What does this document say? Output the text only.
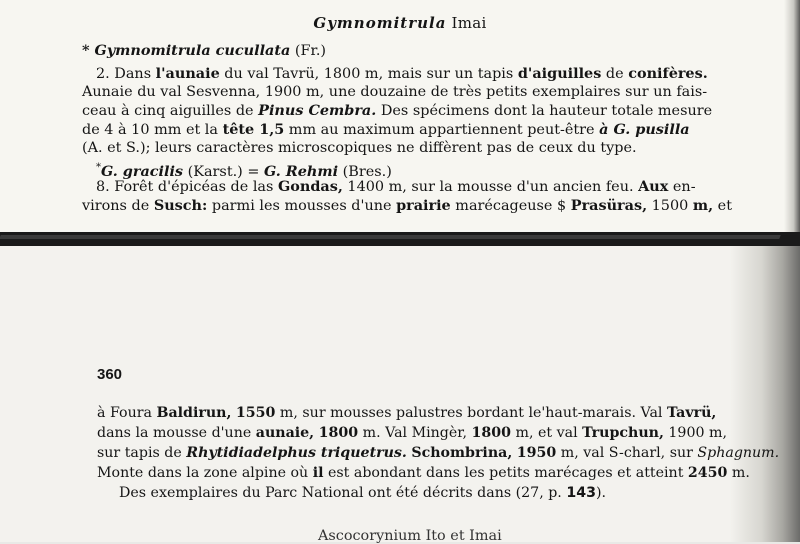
Gymnomitrula Imai
* Gymnomitrula cucullata (Fr.)
2. Dans l'aunaie du val Tavrü, 1800 m, mais sur un tapis d'aiguilles de conifères.
Aunaie du val Sesvenna, 1900 m, une douzaine de très petits exemplaires sur un fais-
ceau à cinq aiguilles de Pinus Cembra. Des spécimens dont la hauteur totale mesure
de 4 à 10 mm et la tête 1,5 mm au maximum appartiennent peut-être à G. pusilla
(A. et S.); leurs caractères microscopiques ne diffèrent pas de ceux du type.
*G. gracilis (Karst.) = G. Rehmi (Bres.)
8. Forêt d'épicéas de las Gondas, 1400 m, sur la mousse d'un ancien feu. Aux en-
virons de Susch: parmi les mousses d'une prairie marécageuse $ Prasüras, 1500 m, et
360
à Foura Baldirun, 1550 m, sur mousses palustres bordant le'haut-marais. Val Tavrü,
dans la mousse d'une aunaie, 1800 m. Val Mingèr, 1800 m, et val Trupchun, 1900 m,
sur tapis de Rhytidiadelphus triquetrus. Schombrina, 1950 m, val S-charl, sur Sphagnum.
Monte dans la zone alpine où il est abondant dans les petits marécages et atteint 2450 m.
Des exemplaires du Parc National ont été décrits dans (27, p. 143).
Ascocorynium Ito et Imai
